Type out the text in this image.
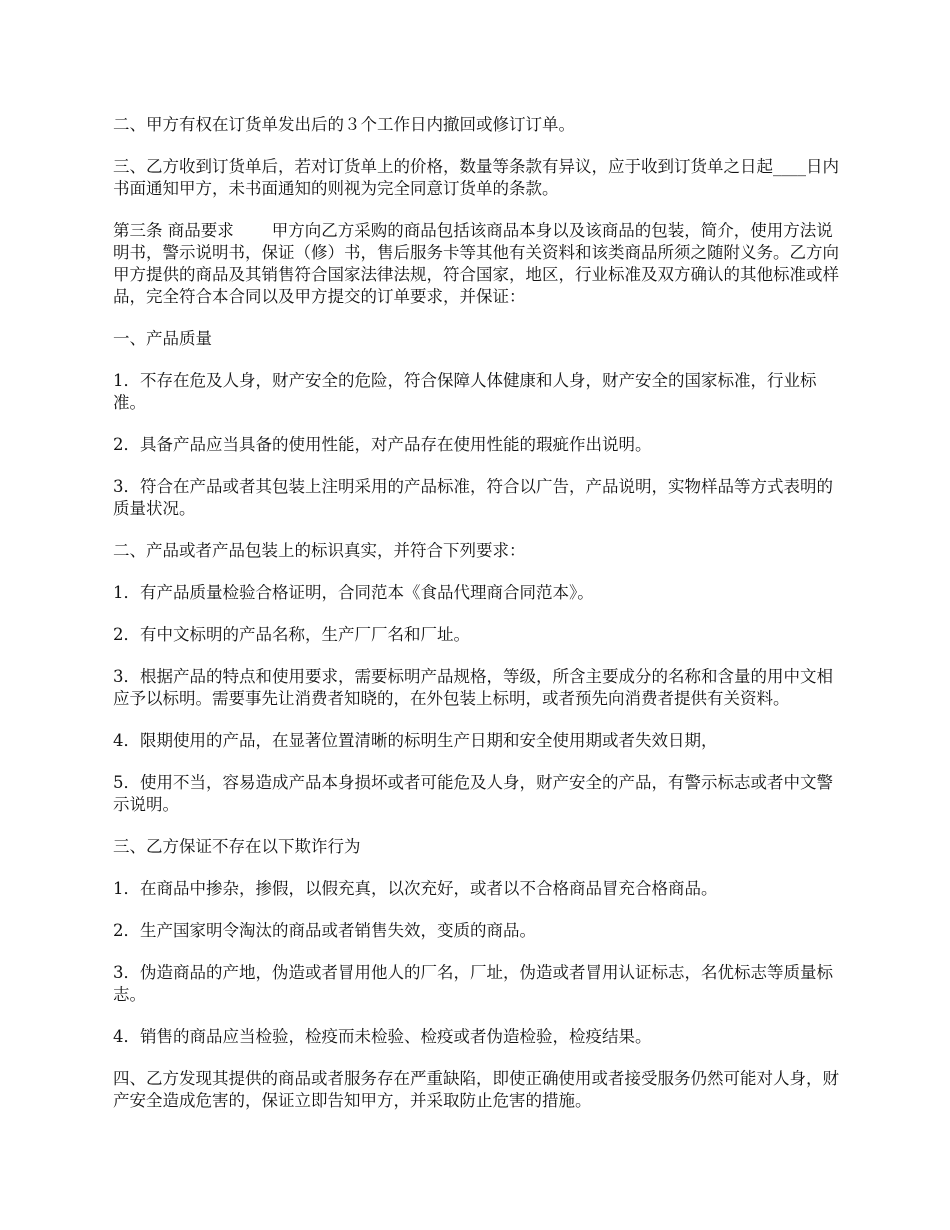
二、甲方有权在订货单发出后的３个工作日内撤回或修订订单。

三、乙方收到订货单后，若对订货单上的价格，数量等条款有异议，应于收到订货单之日起____日内书面通知甲方，未书面通知的则视为完全同意订货单的条款。

第三条 商品要求 甲方向乙方采购的商品包括该商品本身以及该商品的包装，简介，使用方法说明书，警示说明书，保证（修）书，售后服务卡等其他有关资料和该类商品所须之随附义务。乙方向甲方提供的商品及其销售符合国家法律法规，符合国家，地区，行业标准及双方确认的其他标准或样品，完全符合本合同以及甲方提交的订单要求，并保证：

一、产品质量

1．不存在危及人身，财产安全的危险，符合保障人体健康和人身，财产安全的国家标准，行业标准。

2．具备产品应当具备的使用性能，对产品存在使用性能的瑕疵作出说明。

3．符合在产品或者其包装上注明采用的产品标准，符合以广告，产品说明，实物样品等方式表明的质量状况。

二、产品或者产品包装上的标识真实，并符合下列要求：

1．有产品质量检验合格证明，合同范本《食品代理商合同范本》。

2．有中文标明的产品名称，生产厂厂名和厂址。

3．根据产品的特点和使用要求，需要标明产品规格，等级，所含主要成分的名称和含量的用中文相应予以标明。需要事先让消费者知晓的，在外包装上标明，或者预先向消费者提供有关资料。

4．限期使用的产品，在显著位置清晰的标明生产日期和安全使用期或者失效日期，

5．使用不当，容易造成产品本身损坏或者可能危及人身，财产安全的产品，有警示标志或者中文警示说明。

三、乙方保证不存在以下欺诈行为

1．在商品中掺杂，掺假，以假充真，以次充好，或者以不合格商品冒充合格商品。

2．生产国家明令淘汰的商品或者销售失效，变质的商品。

3．伪造商品的产地，伪造或者冒用他人的厂名，厂址，伪造或者冒用认证标志，名优标志等质量标志。

4．销售的商品应当检验，检疫而未检验、检疫或者伪造检验，检疫结果。

四、乙方发现其提供的商品或者服务存在严重缺陷，即使正确使用或者接受服务仍然可能对人身，财产安全造成危害的，保证立即告知甲方，并采取防止危害的措施。
